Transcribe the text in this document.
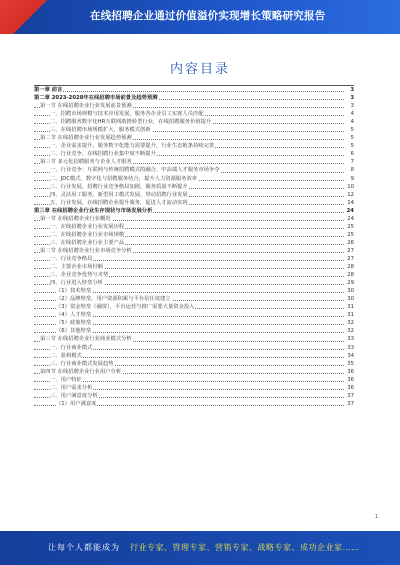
在线招聘企业通过价值溢价实现增长策略研究报告
内容目录
第一章 前言	3
第二章 2023-2028年在线招聘市场前景及趋势预测	3
第一节 在线招聘企业行业发展前景预测	3
一、招聘市场规模与技术应用发展，服务各企业员工实现人员匹配	4
二、招聘服务数字化HR互联网助推转型行业，在线招聘服务价值提升	4
三、在线招聘市场规模扩大，服务模式创新	5
第二节 在线招聘企业行业发展趋势预测	5
一、企业需求提升，服务数字化能力需要提升，行业生态链条持续完善	5
二、行业竞争，在线招聘行业集中度不断提升	6
第三节 多元化招聘服务与企业人才服务	7
一、行业竞争：互联网与传统招聘模式的融合，中高端人才服务市场争夺	8
二、JDC模式，数字化与招聘服务结合，提升人力资源服务效率	9
三、行业发展，招聘行业竞争格局加剧，服务质量不断提升	10
四、灵活用工服务，新型用工模式发展，带动招聘行业发展	12
五、行业发展，在线招聘企业提升服务，促进人才流动实现	14
第三章 在线招聘企业行业生存现状与市场发展分析	24
第一节 在线招聘企业行业概况	24
一、在线招聘企业行业发展历程	25
二、在线招聘企业行业市场规模	25
三、在线招聘企业行业主要产品	26
第二节 在线招聘企业行业市场竞争分析	27
一、行业竞争格局	27
二、主要企业市场份额	28
三、企业竞争优势与劣势	28
四、行业进入壁垒分析	29
（1）技术壁垒	30
（2）品牌壁垒，用户资源积累与平台信任度建立	30
（3）资金壁垒（融资），平台运营与推广需要大量资金投入	31
（4）人才壁垒	31
（5）政策壁垒	32
（6）其他壁垒	32
第三节 在线招聘企业行业商业模式分析	33
一、行业商业模式	33
二、盈利模式	34
三、行业商业模式发展趋势	35
第四节 在线招聘企业行业用户分析	36
一、用户特征	36
二、用户需求分析	36
三、用户满意度分析	37
（1）用户满意度	37
1
让每个人都能成为 行业专家、管理专家、营销专家、战略专家、成功企业家……
